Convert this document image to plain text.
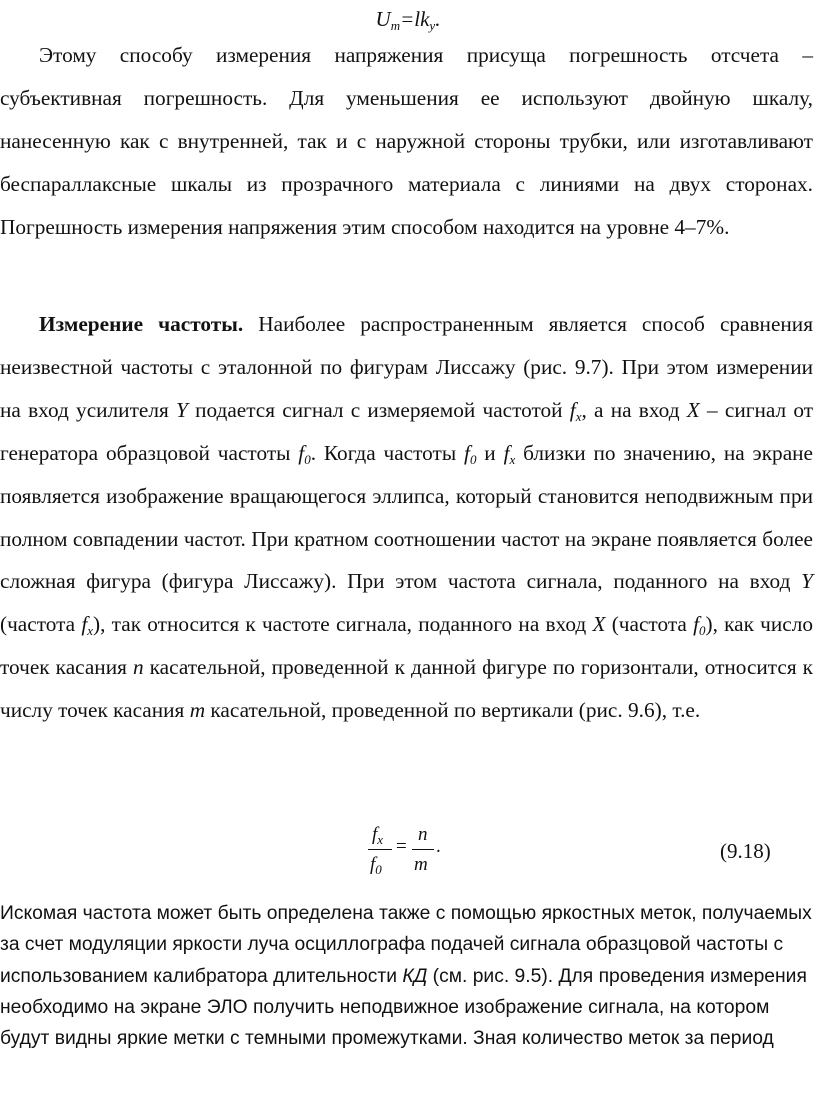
$U_m=lk_y$.

Этому способу измерения напряжения присуща погрешность отсчета – субъективная погрешность. Для уменьшения ее используют двойную шкалу, нанесенную как с внутренней, так и с наружной стороны трубки, или изготавливают беспараллаксные шкалы из прозрачного материала с линиями на двух сторонах. Погрешность измерения напряжения этим способом находится на уровне 4–7%.

Измерение частоты. Наиболее распространенным является способ сравнения неизвестной частоты с эталонной по фигурам Лиссажу (рис. 9.7). При этом измерении на вход усилителя Y подается сигнал с измеряемой частотой $f_x$, а на вход X – сигнал от генератора образцовой частоты $f_0$. Когда частоты $f_0$ и $f_x$ близки по значению, на экране появляется изображение вращающегося эллипса, который становится неподвижным при полном совпадении частот. При кратном соотношении частот на экране появляется более сложная фигура (фигура Лиссажу). При этом частота сигнала, поданного на вход Y (частота $f_x$), так относится к частоте сигнала, поданного на вход X (частота $f_0$), как число точек касания n касательной, проведенной к данной фигуре по горизонтали, относится к числу точек касания m касательной, проведенной по вертикали (рис. 9.6), т.е.

$f_x$
$f_0$
=
n
m
.	(9.18)

Искомая частота может быть определена также с помощью яркостных меток, получаемых за счет модуляции яркости луча осциллографа подачей сигнала образцовой частоты с использованием калибратора длительности КД (см. рис. 9.5). Для проведения измерения необходимо на экране ЭЛО получить неподвижное изображение сигнала, на котором будут видны яркие метки с темными промежутками. Зная количество меток за период
